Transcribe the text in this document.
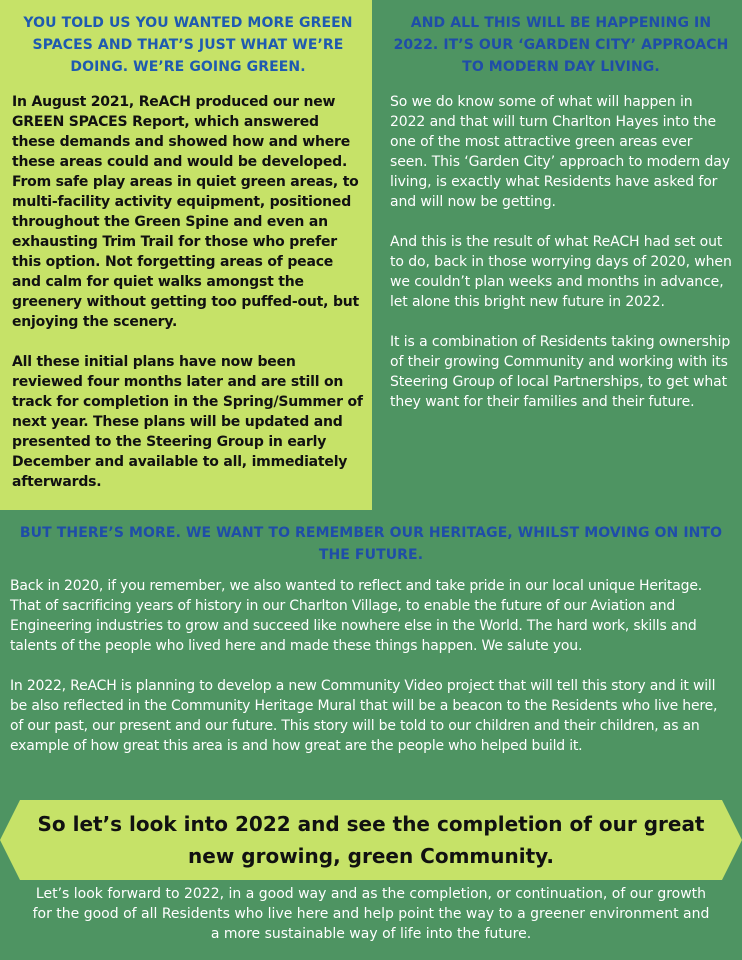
YOU TOLD US YOU WANTED MORE GREEN SPACES AND THAT’S JUST WHAT WE’RE DOING. WE’RE GOING GREEN.

In August 2021, ReACH produced our new GREEN SPACES Report, which answered these demands and showed how and where these areas could and would be developed. From safe play areas in quiet green areas, to multi-facility activity equipment, positioned throughout the Green Spine and even an exhausting Trim Trail for those who prefer this option. Not forgetting areas of peace and calm for quiet walks amongst the greenery without getting too puffed-out, but enjoying the scenery.

All these initial plans have now been reviewed four months later and are still on track for completion in the Spring/Summer of next year. These plans will be updated and presented to the Steering Group in early December and available to all, immediately afterwards.

AND ALL THIS WILL BE HAPPENING IN 2022. IT’S OUR ‘GARDEN CITY’ APPROACH TO MODERN DAY LIVING.

So we do know some of what will happen in 2022 and that will turn Charlton Hayes into the one of the most attractive green areas ever seen. This ‘Garden City’ approach to modern day living, is exactly what Residents have asked for and will now be getting.

And this is the result of what ReACH had set out to do, back in those worrying days of 2020, when we couldn’t plan weeks and months in advance, let alone this bright new future in 2022.

It is a combination of Residents taking ownership of their growing Community and working with its Steering Group of local Partnerships, to get what they want for their families and their future.

BUT THERE’S MORE. WE WANT TO REMEMBER OUR HERITAGE, WHILST MOVING ON INTO THE FUTURE.

Back in 2020, if you remember, we also wanted to reflect and take pride in our local unique Heritage. That of sacrificing years of history in our Charlton Village, to enable the future of our Aviation and Engineering industries to grow and succeed like nowhere else in the World. The hard work, skills and talents of the people who lived here and made these things happen. We salute you.

In 2022, ReACH is planning to develop a new Community Video project that will tell this story and it will be also reflected in the Community Heritage Mural that will be a beacon to the Residents who live here, of our past, our present and our future. This story will be told to our children and their children, as an example of how great this area is and how great are the people who helped build it.

So let’s look into 2022 and see the completion of our great new growing, green Community.
Let’s look forward to 2022, in a good way and as the completion, or continuation, of our growth for the good of all Residents who live here and help point the way to a greener environment and a more sustainable way of life into the future.
